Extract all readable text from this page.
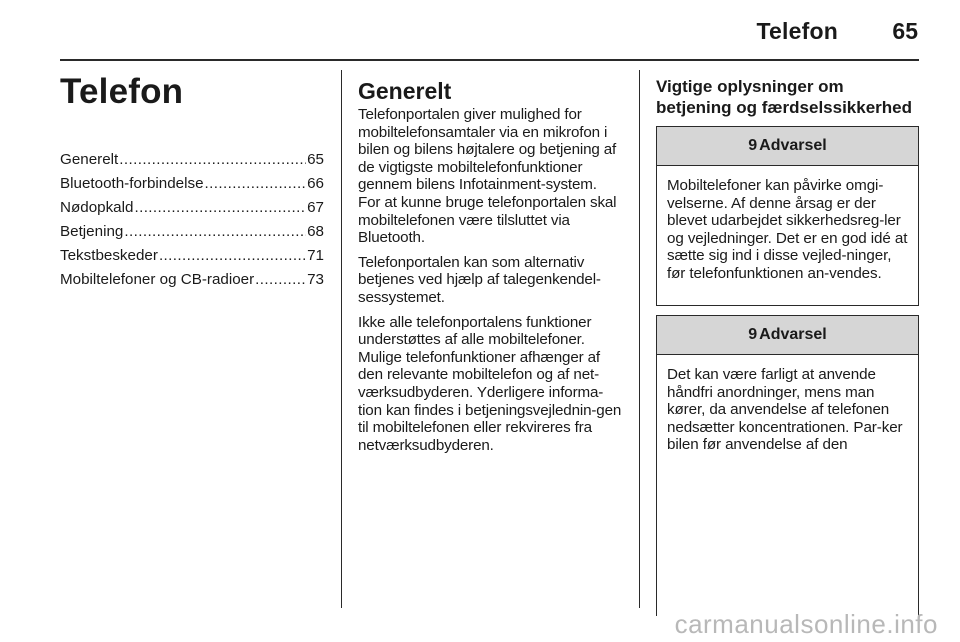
Telefon 65
Telefon
Generelt .....	65
Bluetooth-forbindelse .....	66
Nødopkald .....	67
Betjening .....	68
Tekstbeskeder .....	71
Mobiltelefoner og CB-radioer .....	73
Generelt

Telefonportalen giver mulighed for mobiltelefonsamtaler via en mikrofon i bilen og bilens højtalere og betjening af de vigtigste mobiltelefonfunktioner gennem bilens Infotainment-system. For at kunne bruge telefonportalen skal mobiltelefonen være tilsluttet via Bluetooth.

Telefonportalen kan som alternativ betjenes ved hjælp af talegenkendel-sessystemet.

Ikke alle telefonportalens funktioner understøttes af alle mobiltelefoner. Mulige telefonfunktioner afhænger af den relevante mobiltelefon og af net-værksudbyderen. Yderligere informa-tion kan findes i betjeningsvejlednin-gen til mobiltelefonen eller rekvireres fra netværksudbyderen.

Vigtige oplysninger om betjening og færdselssikkerhed
9 Advarsel
Mobiltelefoner kan påvirke omgi-velserne. Af denne årsag er der blevet udarbejdet sikkerhedsreg-ler og vejledninger. Det er en god idé at sætte sig ind i disse vejled-ninger, før telefonfunktionen an-vendes.
9 Advarsel
Det kan være farligt at anvende håndfri anordninger, mens man kører, da anvendelse af telefonen nedsætter koncentrationen. Par-ker bilen før anvendelse af den
carmanualsonline.info
